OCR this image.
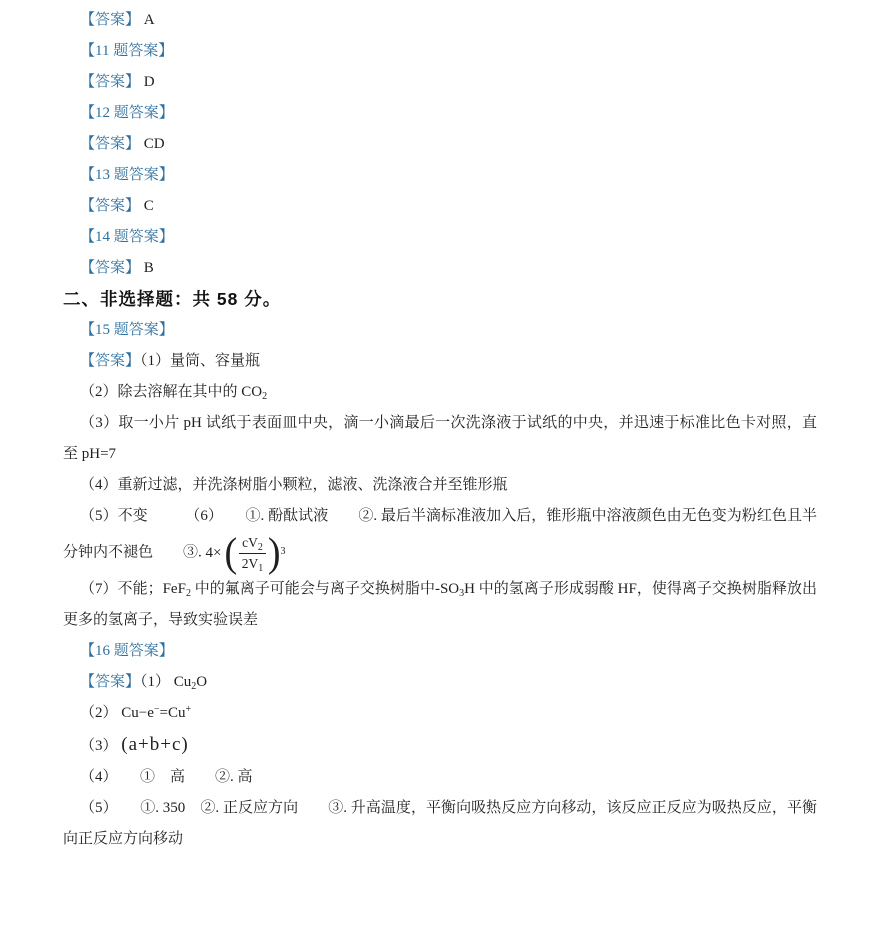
【答案】 A
【11 题答案】
【答案】 D
【12 题答案】
【答案】 CD
【13 题答案】
【答案】 C
【14 题答案】
【答案】 B
二、非选择题：共 58 分。
【15 题答案】
【答案】（1）量筒、容量瓶
（2）除去溶解在其中的 $CO_2$
（3）取一小片 pH 试纸于表面皿中央，滴一小滴最后一次洗涤液于试纸的中央，并迅速于标准比色卡对照，直至 pH=7
（4）重新过滤，并洗涤树脂小颗粒，滤液、洗涤液合并至锥形瓶
（5）不变　　　（6）　　①. 酚酞试液　　②. 最后半滴标准液加入后，锥形瓶中溶液颜色由无色变为粉红色且半分钟内不褪色　　③. 4× ( $\frac{cV_2}{2V_1}$ ) 3
（7）不能；FeF$_2$ 中的氟离子可能会与离子交换树脂中$-SO_3H$ 中的氢离子形成弱酸 HF，使得离子交换树脂释放出更多的氢离子，导致实验误差
【16 题答案】
【答案】（1） $Cu_2O$
（2） Cu−e−=Cu+
（3） (a+b+c)
（4）　　①　高　　②. 高
（5）　　①. 350　②. 正反应方向　　③. 升高温度，平衡向吸热反应方向移动，该反应正反应为吸热反应，平衡向正反应方向移动
